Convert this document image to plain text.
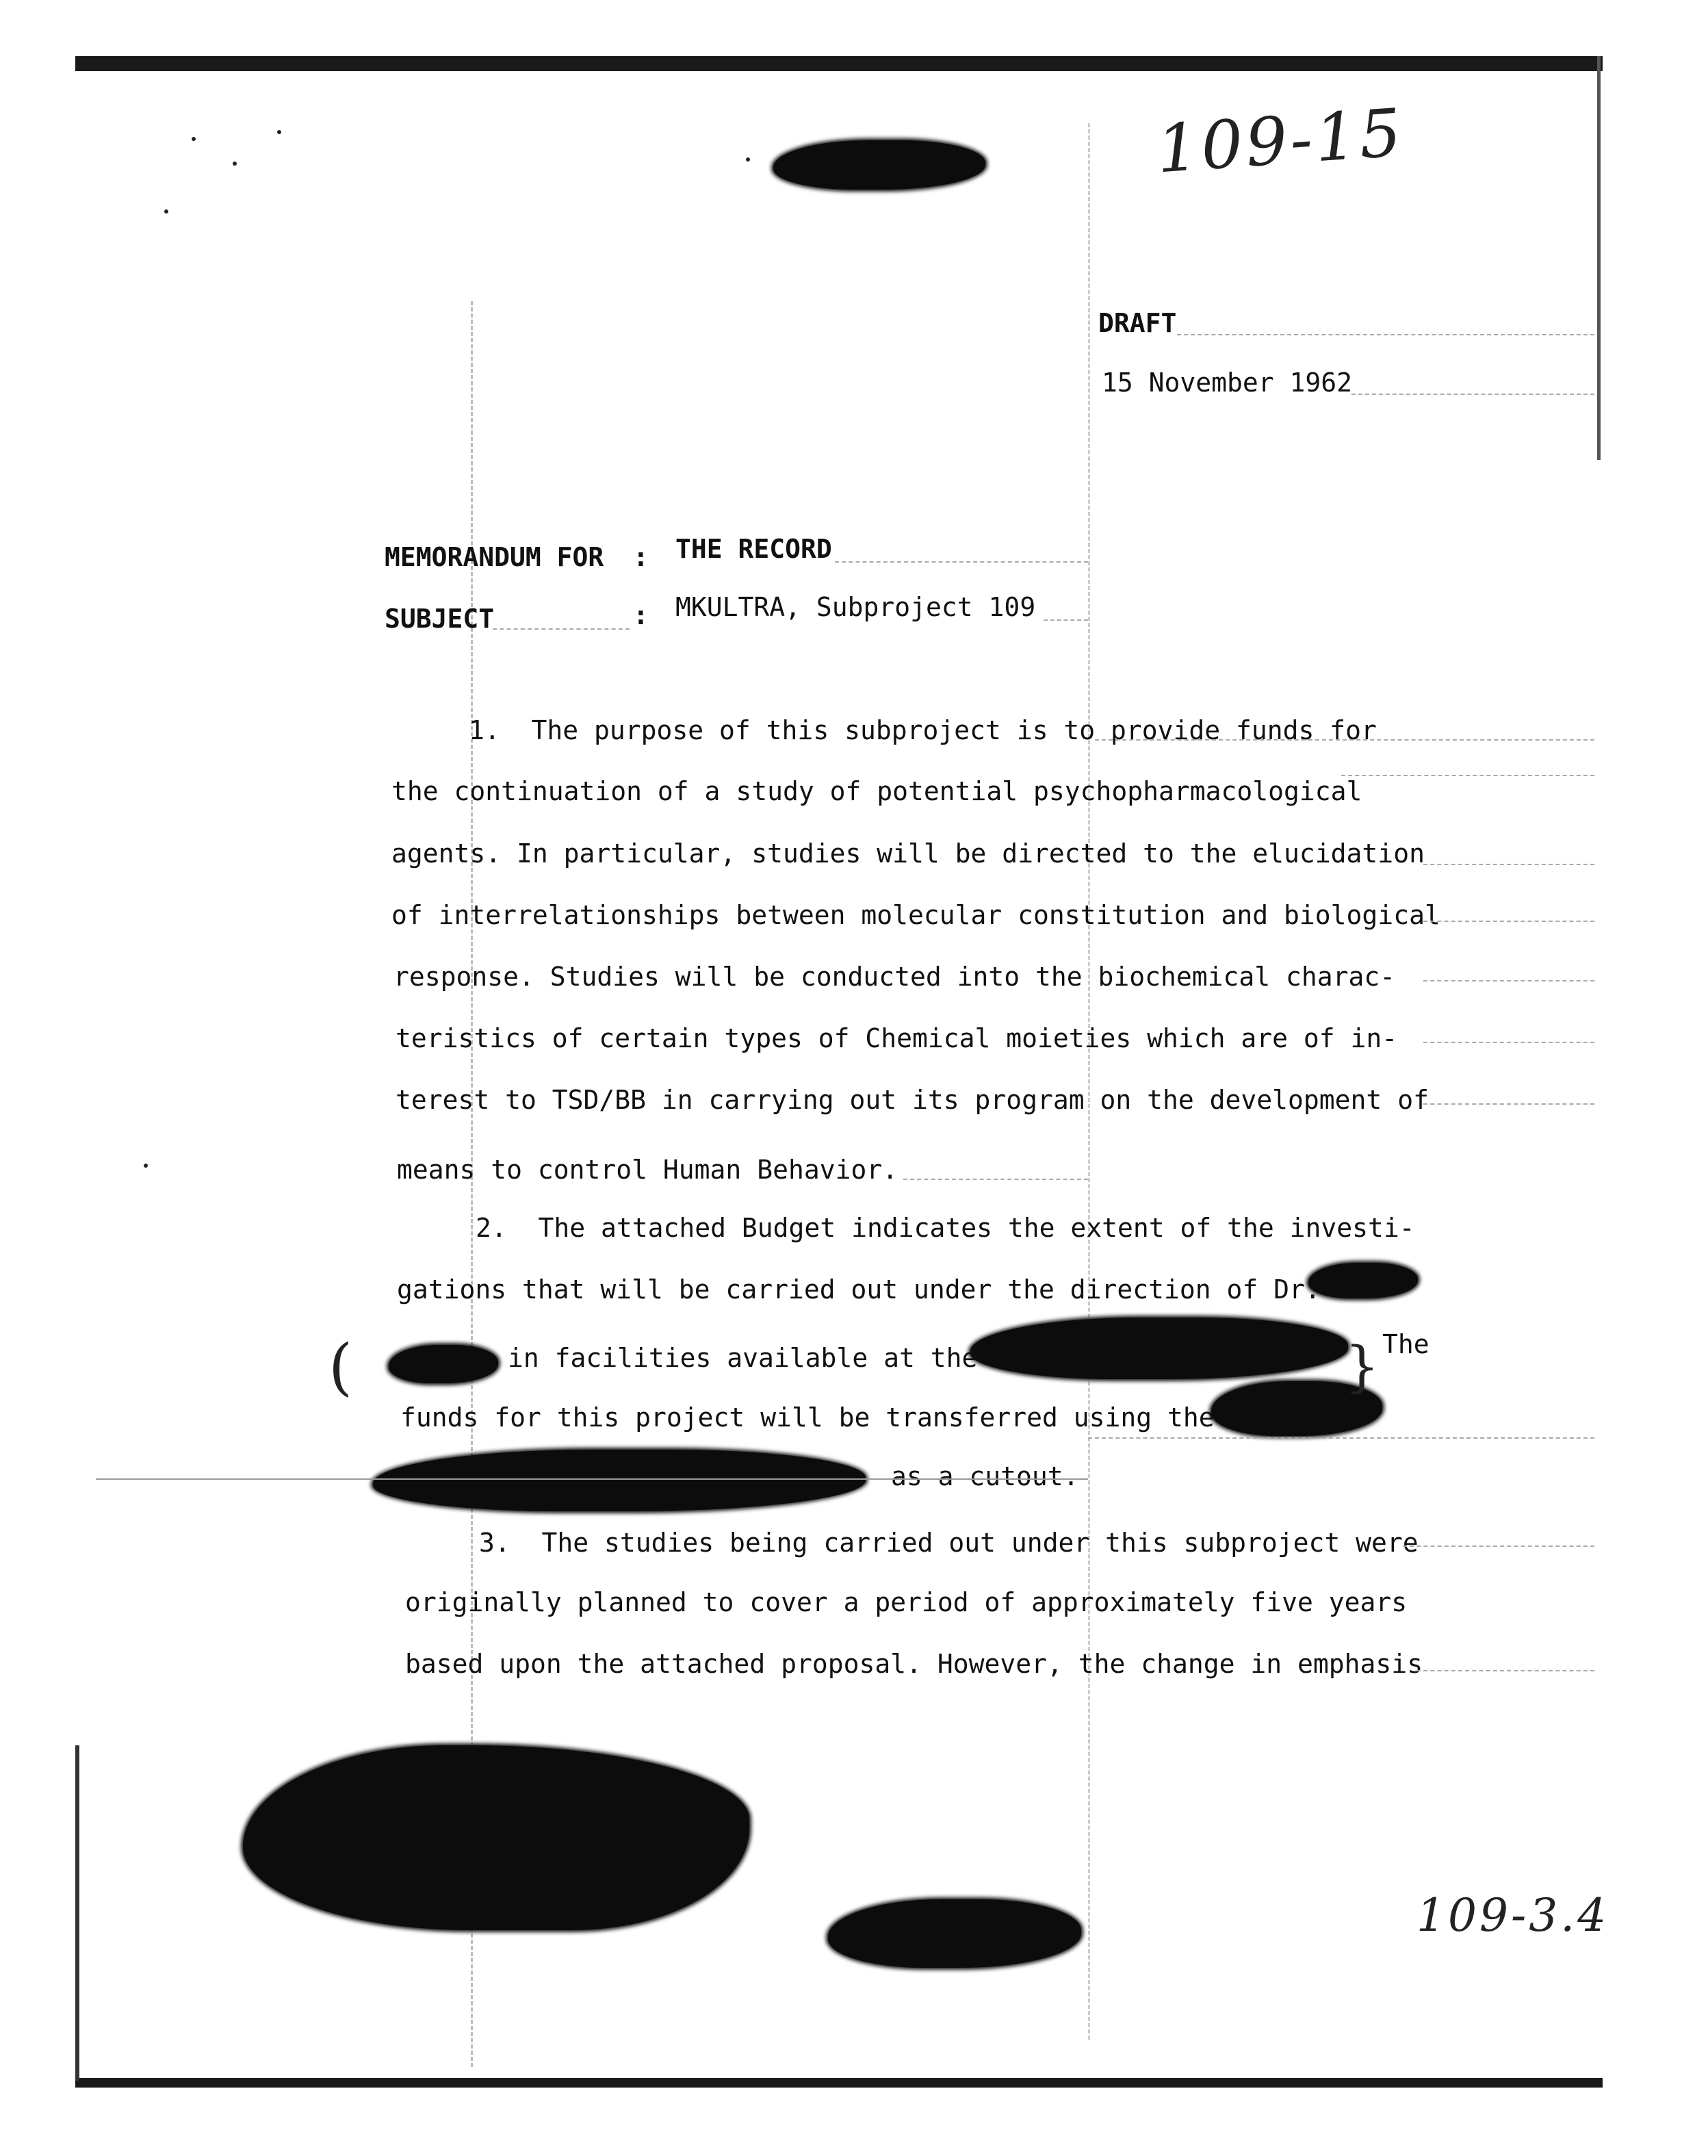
109-15
109-3.4
(	}
DRAFT
15 November 1962
MEMORANDUM FOR : THE RECORD
SUBJECT	: MKULTRA, Subproject 109
1.  The purpose of this subproject is to provide funds for
the continuation of a study of potential psychopharmacological
agents. In particular, studies will be directed to the elucidation
of interrelationships between molecular constitution and biological
response. Studies will be conducted into the biochemical charac-
teristics of certain types of Chemical moieties which are of in-
terest to TSD/BB in carrying out its program on the development of
means to control Human Behavior.
2.  The attached Budget indicates the extent of the investi-
gations that will be carried out under the direction of Dr.
in facilities available at the	The
funds for this project will be transferred using the
as a cutout.
3.  The studies being carried out under this subproject were
originally planned to cover a period of approximately five years
based upon the attached proposal. However, the change in emphasis
